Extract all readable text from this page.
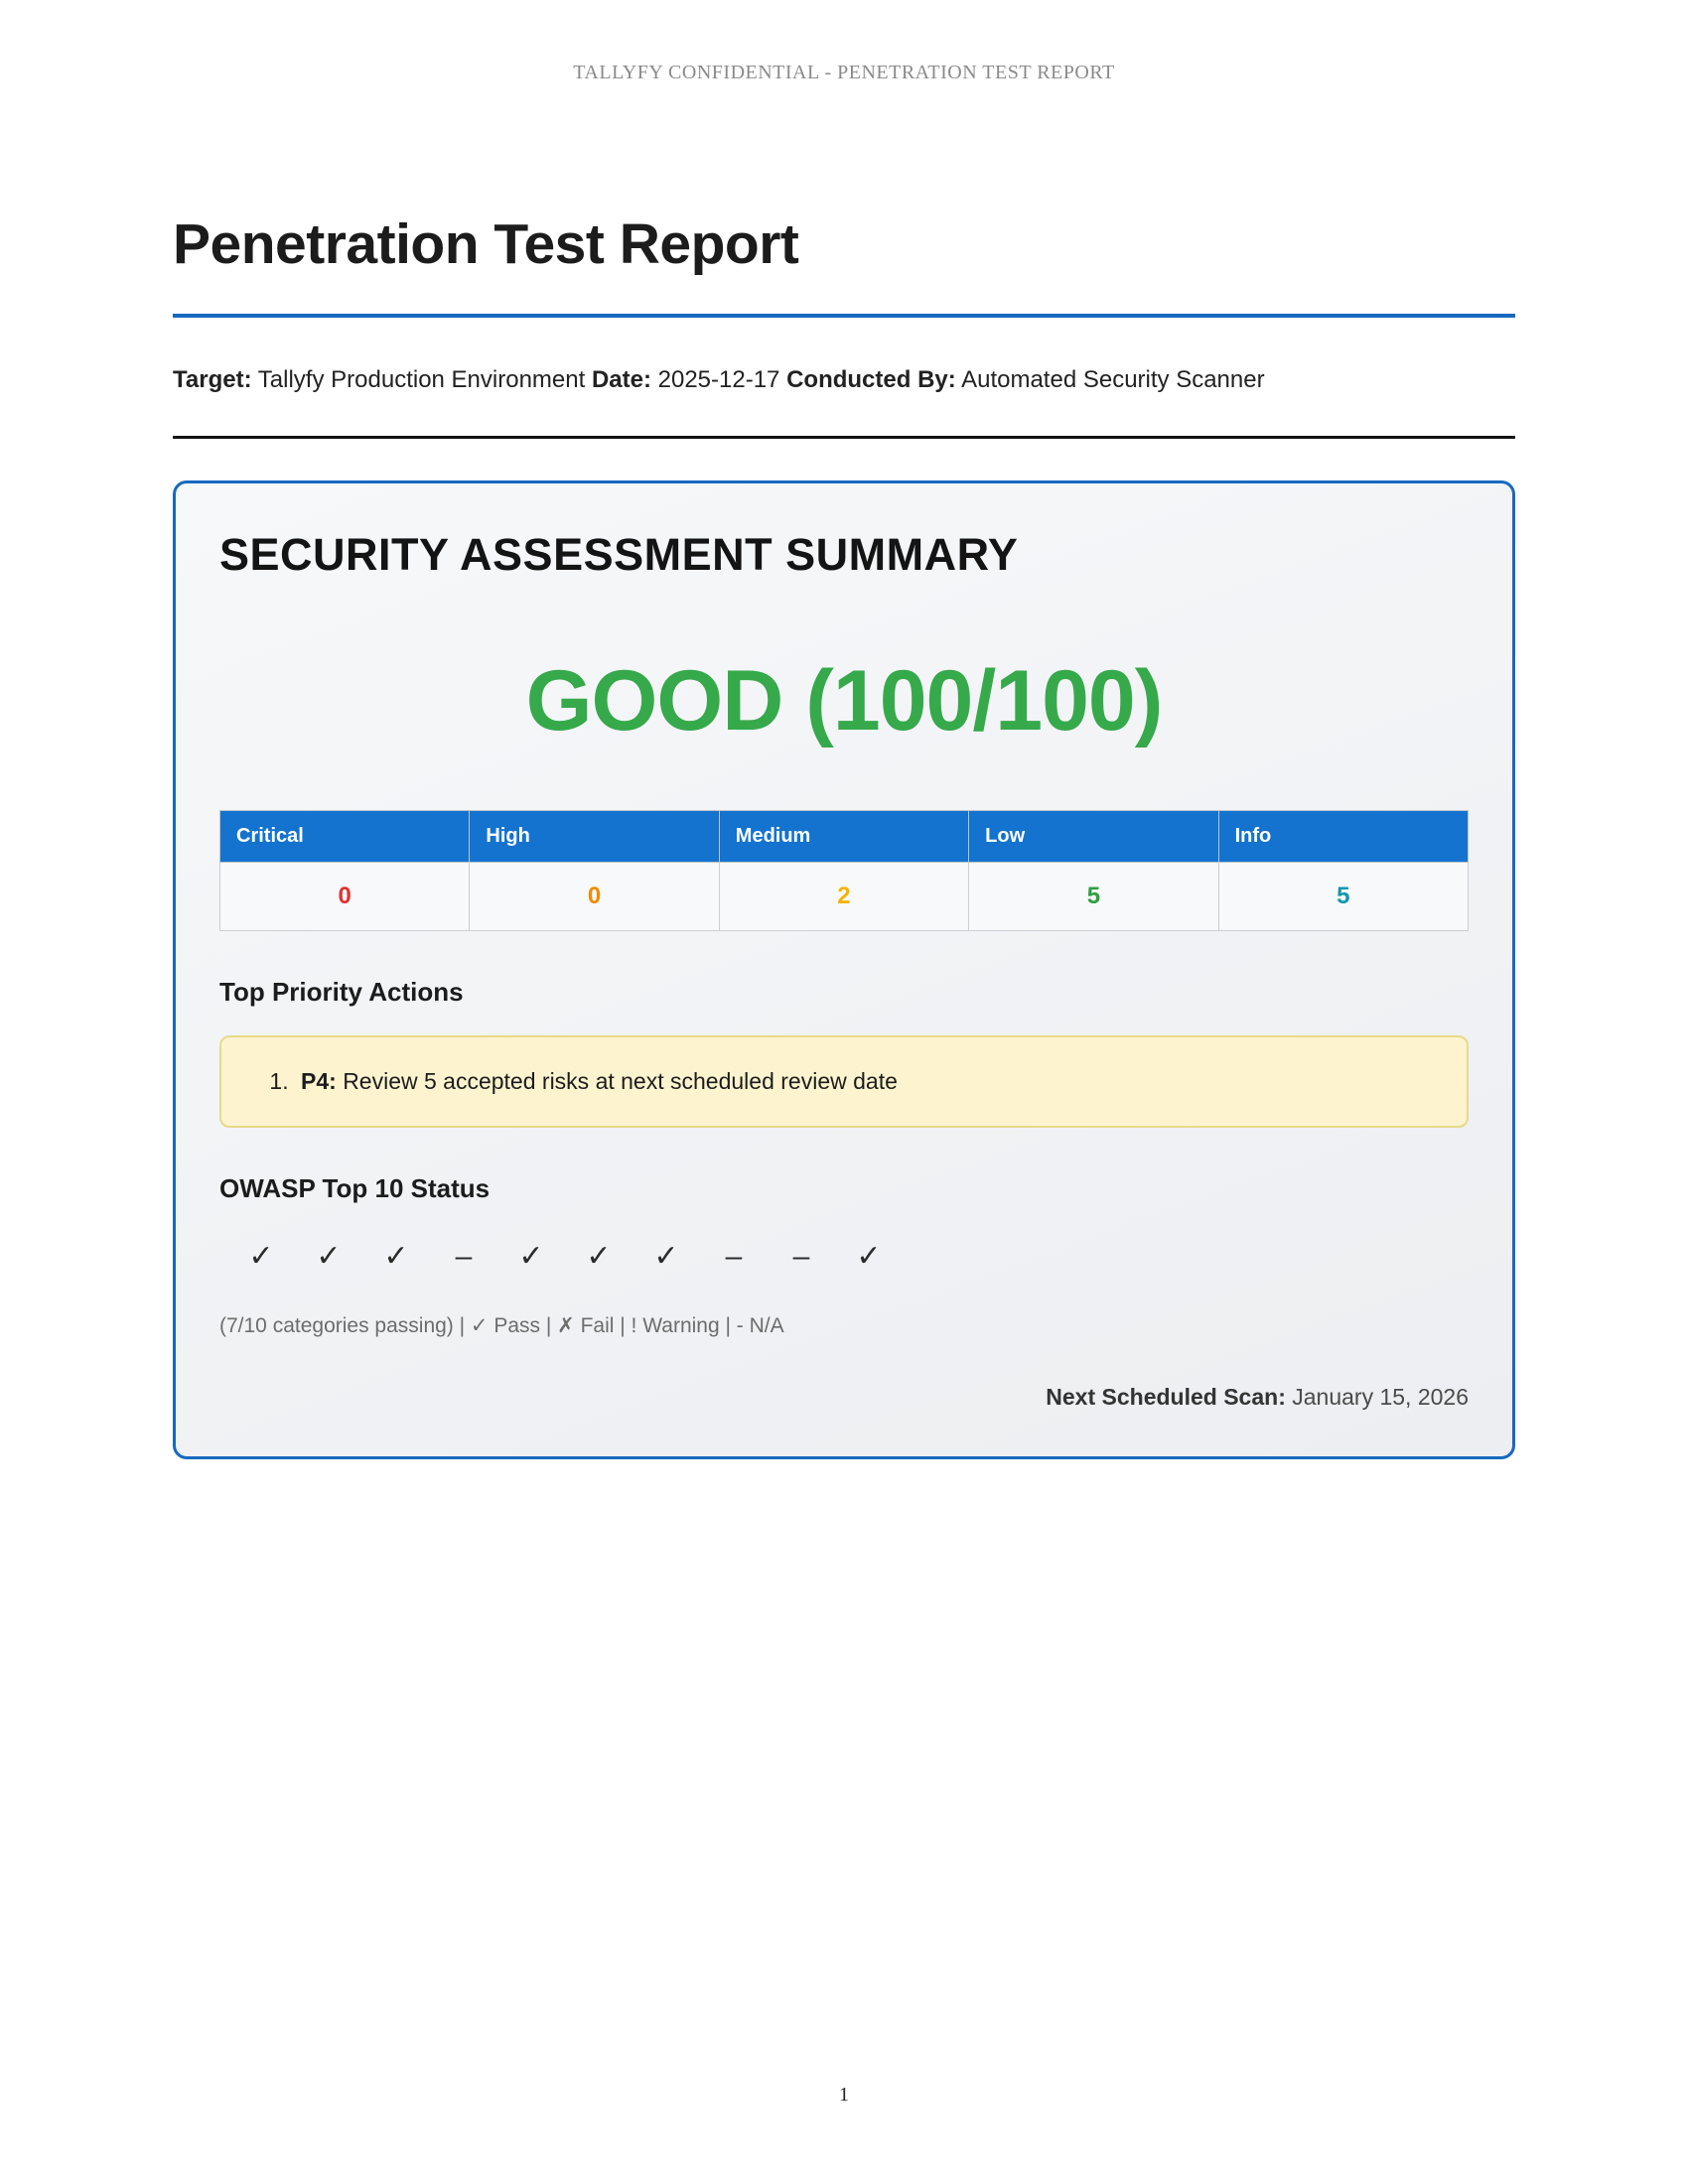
TALLYFY CONFIDENTIAL - PENETRATION TEST REPORT
Penetration Test Report
Target: Tallyfy Production Environment Date: 2025-12-17 Conducted By: Automated Security Scanner
SECURITY ASSESSMENT SUMMARY
GOOD (100/100)
Critical	High	Medium	Low	Info
0	0	2	5	5
Top Priority Actions
1. P4: Review 5 accepted risks at next scheduled review date
OWASP Top 10 Status
✓	✓	✓	–	✓	✓	✓	–	–	✓
(7/10 categories passing) | ✓ Pass | ✗ Fail | ! Warning | - N/A
Next Scheduled Scan: January 15, 2026
1
